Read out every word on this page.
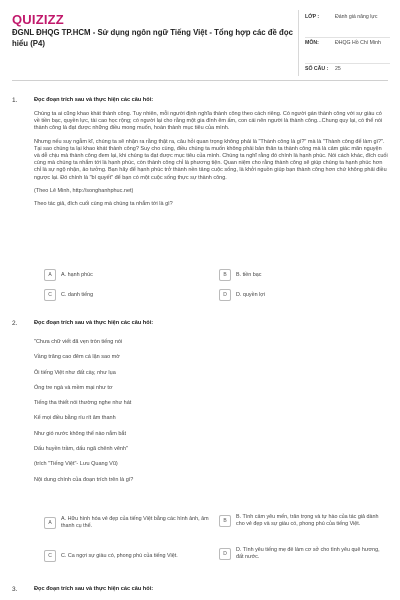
QUIZIZZ
ĐGNL ĐHQG TP.HCM - Sử dụng ngôn ngữ Tiếng Việt - Tổng hợp các đề đọc hiểu (P4)
LỚP :	Đánh giá năng lực
MÔN:	ĐHQG Hồ Chí Minh
SỐ CÂU :	25
1.	Đọc đoạn trích sau và thực hiện các câu hỏi:

Chúng ta ai cũng khao khát thành công. Tuy nhiên, mỗi người định nghĩa thành công theo cách riêng. Có người gán thành công với sự giàu có về tiền bạc, quyền lực, tài cao học rộng; có người lại cho rằng một gia đình êm ấm, con cái nên người là thành công...Chung quy lại, có thể nói thành công là đạt được những điều mong muốn, hoàn thành mục tiêu của mình.

Nhưng nếu suy ngẫm kĩ, chúng ta sẽ nhận ra rằng thật ra, câu hỏi quan trọng không phải là "Thành công là gì?" mà là "Thành công để làm gì?". Tại sao chúng ta lại khao khát thành công? Suy cho cùng, điều chúng ta muốn không phải bản thân ta thành công mà là cảm giác mãn nguyện và dễ chịu mà thành công đem lại, khi chúng ta đạt được mục tiêu của mình. Chúng ta nghĩ rằng đó chính là hạnh phúc. Nói cách khác, đích cuối cùng mà chúng ta nhắm tới là hạnh phúc, còn thành công chỉ là phương tiện. Quan niệm cho rằng thành công sẽ giúp chúng ta hạnh phúc hơn chỉ là sự ngộ nhận, ảo tưởng. Bạn hãy để hạnh phúc trở thành nền tảng cuộc sống, là khởi nguồn giúp bạn thành công hơn chứ không phải điều ngược lại. Đó chính là "bí quyết" để bạn có một cuộc sống thực sự thành công.

(Theo Lê Minh, http://songhanhphuc.net)

Theo tác giả, đích cuối cùng mà chúng ta nhắm tới là gì?

A	A. hạnh phúc	B	B. tiền bạc
C	C. danh tiếng	D	D. quyền lợi
2.	Đọc đoạn trích sau và thực hiện các câu hỏi:

"Chưa chữ viết đã vẹn tròn tiếng nói

Vầng trăng cao đêm cá lặn sao mờ

Ôi tiếng Việt như đất cày, như lụa

Óng tre ngà và mềm mại như tơ

Tiếng tha thiết nói thường nghe như hát

Kể mọi điều bằng ríu rít âm thanh

Như gió nước không thể nào nắm bắt

Dấu huyền trầm, dấu ngã chênh vênh"

(trích "Tiếng Việt"- Lưu Quang Vũ)

Nội dung chính của đoạn trích trên là gì?

A
A. Hữu hình hóa vẻ đẹp của tiếng Việt bằng các hình ảnh, âm thanh cụ thể.
B
B. Tình cảm yêu mến, trân trọng và tự hào của tác giả dành cho vẻ đẹp và sự giàu có, phong phú của tiếng Việt.
C	C. Ca ngợi sự giàu có, phong phú của tiếng Việt.	D
D. Tình yêu tiếng mẹ đẻ làm cơ sở cho tình yêu quê hương, đất nước.
3.	Đọc đoạn trích sau và thực hiện các câu hỏi:
